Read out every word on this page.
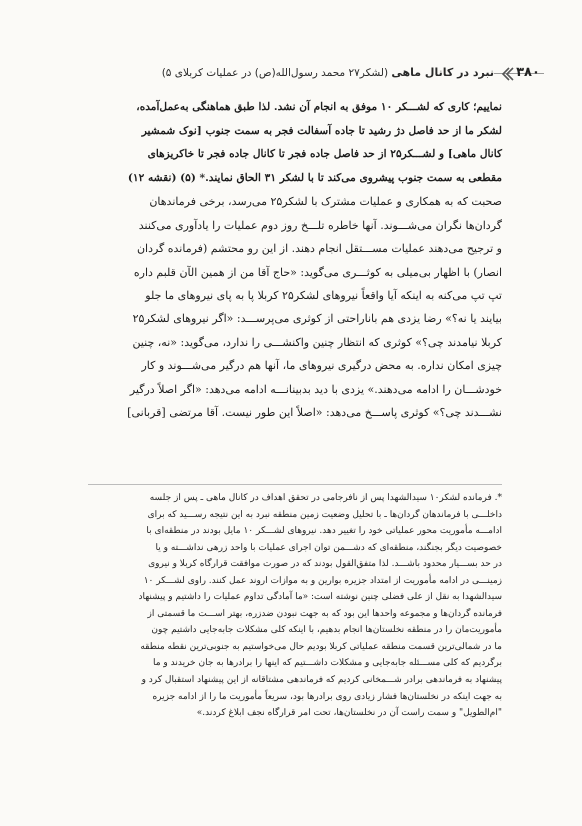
نبرد در کانال ماهی (لشکر۲۷ محمد رسول‌الله(ص) در عملیات کربلای ۵)	۳۸۰

نماییم؛ کاری که لشـــکر ۱۰ موفق به انجام آن نشد. لذا طبق هماهنگی به‌عمل‌آمده،

لشکر ما از حد فاصل دژ رشید تا جاده آسفالت فجر به سمت جنوب [نوک شمشیر

کانال ماهی] و لشـــکر۲۵ از حد فاصل جاده فجر تا کانال جاده فجر تا خاکریزهای

مقطعی به سمت جنوب پیشروی می‌کند تا با لشکر ۳۱ الحاق نمایند.* (۵) (نقشه ۱۲)

صحبت که به همکاری و عملیات مشترک با لشکر۲۵ می‌رسد، برخی فرماندهان

گردان‌ها نگران می‌شـــوند. آنها خاطره تلـــخ روز دوم عملیات را یادآوری می‌کنند

و ترجیح می‌دهند عملیات مســـتقل انجام دهند. از این رو محتشم (فرمانده گردان

انصار) با اظهار بی‌میلی به کوثـــری می‌گوید: «حاج آقا من از همین الآن قلبم داره

تپ تپ می‌کنه به اینکه آیا واقعاً نیروهای لشکر۲۵ کربلا پا به پای نیروهای ما جلو

بیایند یا نه؟» رضا یزدی هم باناراحتی از کوثری می‌پرســـد: «اگر نیروهای لشکر۲۵

کربلا نیامدند چی؟» کوثری که انتظار چنین واکنشـــی را ندارد، می‌گوید: «نه، چنین

چیزی امکان نداره. به محض درگیری نیروهای ما، آنها هم درگیر می‌شـــوند و کار

خودشـــان را ادامه می‌دهند.» یزدی با دید بدبینانـــه ادامه می‌دهد: «اگر اصلاً درگیر

نشـــدند چی؟» کوثری پاســـخ می‌دهد: «اصلاً این طور نیست. آقا مرتضی [قربانی]

*. فرمانده لشکر۱۰ سیدالشهدا پس از نافرجامی در تحقق اهداف در کانال ماهی ـ پس از جلسه

داخلـــی با فرماندهان گردان‌ها ـ با تحلیل وضعیت زمین منطقه نبرد به این نتیجه رســـید که برای

ادامـــه مأموریت محور عملیاتی خود را تغییر دهد. نیروهای لشـــکر ۱۰ مایل بودند در منطقه‌ای با

خصوصیت دیگر بجنگند، منطقه‌ای که دشـــمن توان اجرای عملیات با واحد زرهی نداشـــته و یا

در حد بســـیار محدود باشـــد. لذا متفق‌القول بودند که در صورت موافقت قرارگاه کربلا و نیروی

زمینـــی در ادامه مأموریت از امتداد جزیره بوارین و به موازات اروند عمل کنند. راوی لشـــکر ۱۰

سیدالشهدا به نقل از علی فضلی چنین نوشته است: «ما آمادگی تداوم عملیات را داشتیم و پیشنهاد

فرمانده گردان‌ها و مجموعه واحدها این بود که به جهت نبودن ضدزره، بهتر اســـت ما قسمتی از

مأموریت‌مان را در منطقه نخلستان‌ها انجام بدهیم، با اینکه کلی مشکلات جابه‌جایی داشتیم چون

ما در شمالی‌ترین قسمت منطقه عملیاتی کربلا بودیم حال می‌خواستیم به جنوبی‌ترین نقطه منطقه

برگردیم که کلی مســـئله جابه‌جایی و مشکلات داشـــتیم که اینها را برادرها به جان خریدند و ما

پیشنهاد به فرماندهی برادر شـــمخانی کردیم که فرماندهی مشتاقانه از این پیشنهاد استقبال کرد و

به جهت اینکه در نخلستان‌ها فشار زیادی روی برادرها بود، سریعاً مأموریت ما را از ادامه جزیره

"ام‌الطویل" و سمت راست آن در نخلستان‌ها، تحت امر قرارگاه نجف ابلاغ کردند.»
